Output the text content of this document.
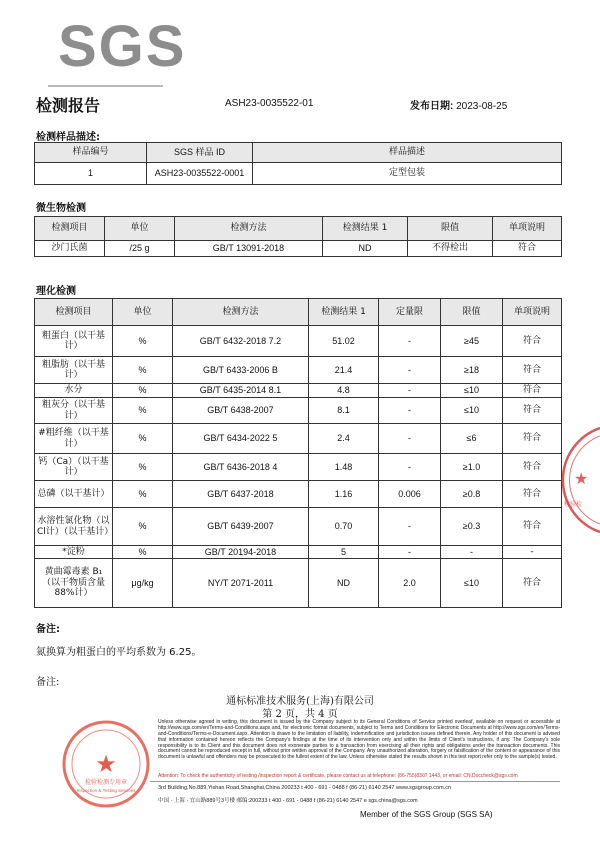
SGS
检测报告	ASH23-0035522-01	发布日期: 2023-08-25
检测样品描述:
样品编号	SGS 样品 ID	样品描述
1	ASH23-0035522-0001	定型包装
微生物检测
检测项目	单位	检测方法	检测结果 1	限值	单项说明
沙门氏菌	/25 g	GB/T 13091-2018	ND	不得检出	符合
理化检测
检测项目	单位	检测方法	检测结果 1	定量限	限值	单项说明
粗蛋白（以干基计）	%	GB/T 6432-2018 7.2	51.02	-	≥45	符合
粗脂肪（以干基计）	%	GB/T 6433-2006 B	21.4	-	≥18	符合
水分	%	GB/T 6435-2014 8.1	4.8	-	≤10	符合
粗灰分（以干基计）	%	GB/T 6438-2007	8.1	-	≤10	符合
#粗纤维（以干基计）	%	GB/T 6434-2022 5	2.4	-	≤6	符合
钙（Ca）（以干基计）	%	GB/T 6436-2018 4	1.48	-	≥1.0	符合
总磷（以干基计）	%	GB/T 6437-2018	1.16	0.006	≥0.8	符合
水溶性氯化物（以 Cl计）（以干基计）	%	GB/T 6439-2007	0.70	-	≥0.3	符合
*淀粉	%	GB/T 20194-2018	5	-	-	-
黄曲霉毒素 B₁（以干物质含量 88%计）	μg/kg	NY/T 2071-2011	ND	2.0	≤10	符合
★
检验检
备注:
氮换算为粗蛋白的平均系数为 6.25。
备注:
通标标准技术服务(上海)有限公司
第 2 页，共 4 页
★
检验检测专用章
Inspection & Testing Services
Unless otherwise agreed in writing, this document is issued by the Company subject to its General Conditions of Service printed overleaf, available on request or accessible at http://www.sgs.com/en/Terms-and-Conditions.aspx and, for electronic format documents, subject to Terms and Conditions for Electronic Documents at http://www.sgs.com/en/Terms-and-Conditions/Terms-e-Document.aspx. Attention is drawn to the limitation of liability, indemnification and jurisdiction issues defined therein. Any holder of this document is advised that information contained hereon reflects the Company's findings at the time of its intervention only and within the limits of Client's instructions, if any. The Company's sole responsibility is to its Client and this document does not exonerate parties to a transaction from exercising all their rights and obligations under the transaction documents. This document cannot be reproduced except in full, without prior written approval of the Company. Any unauthorized alteration, forgery or falsification of the content or appearance of this document is unlawful and offenders may be prosecuted to the fullest extent of the law. Unless otherwise stated the results shown in this test report refer only to the sample(s) tested.
Attention: To check the authenticity of testing /inspection report & certificate, please contact us at telephone: (86-755)8307 1443, or email: CN.Doccheck@sgs.com
3rd Building,No.889,Yishan Road,Shanghai,China 200233 t 400 - 691 - 0488 f (86-21) 6140 2547 www.sgsgroup.com.cn
中国 · 上海 · 宜山路889号3号楼 邮编:200233 t 400 - 691 - 0488 f (86-21) 6140 2547 e sgs.china@sgs.com
Member of the SGS Group (SGS SA)
